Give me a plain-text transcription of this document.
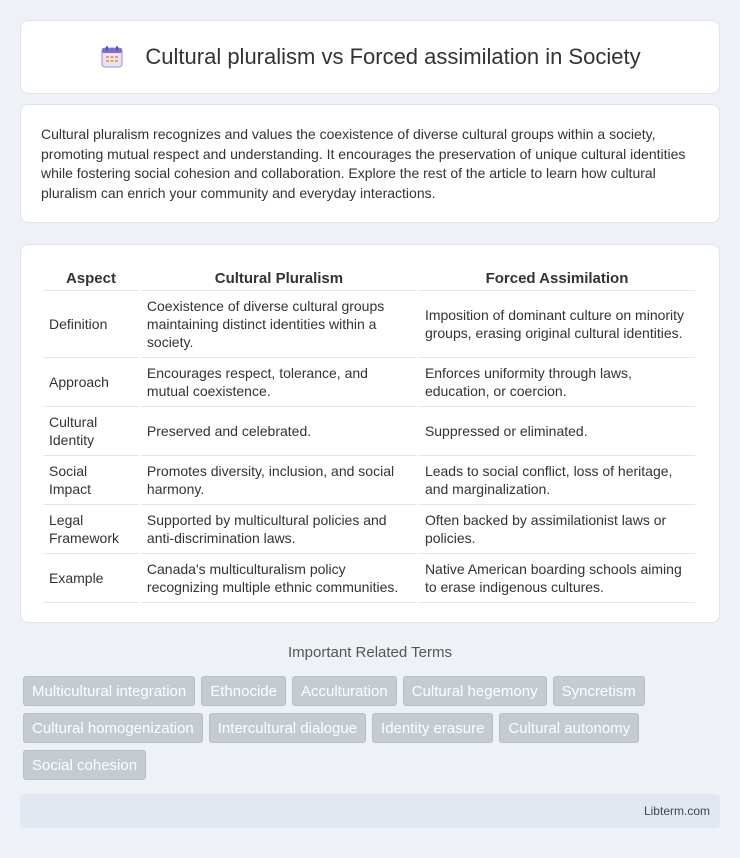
Cultural pluralism vs Forced assimilation in Society

Cultural pluralism recognizes and values the coexistence of diverse cultural groups within a society, promoting mutual respect and understanding. It encourages the preservation of unique cultural identities while fostering social cohesion and collaboration. Explore the rest of the article to learn how cultural pluralism can enrich your community and everyday interactions.

Aspect	Cultural Pluralism	Forced Assimilation
Definition	Coexistence of diverse cultural groups maintaining distinct identities within a society.	Imposition of dominant culture on minority groups, erasing original cultural identities.
Approach	Encourages respect, tolerance, and mutual coexistence.	Enforces uniformity through laws, education, or coercion.
Cultural Identity	Preserved and celebrated.	Suppressed or eliminated.
Social Impact	Promotes diversity, inclusion, and social harmony.	Leads to social conflict, loss of heritage, and marginalization.
Legal Framework	Supported by multicultural policies and anti-discrimination laws.	Often backed by assimilationist laws or policies.
Example	Canada's multiculturalism policy recognizing multiple ethnic communities.	Native American boarding schools aiming to erase indigenous cultures.
Important Related Terms
Multicultural integration	Ethnocide	Acculturation	Cultural hegemony	Syncretism
Cultural homogenization	Intercultural dialogue	Identity erasure	Cultural autonomy
Social cohesion
Libterm.com
